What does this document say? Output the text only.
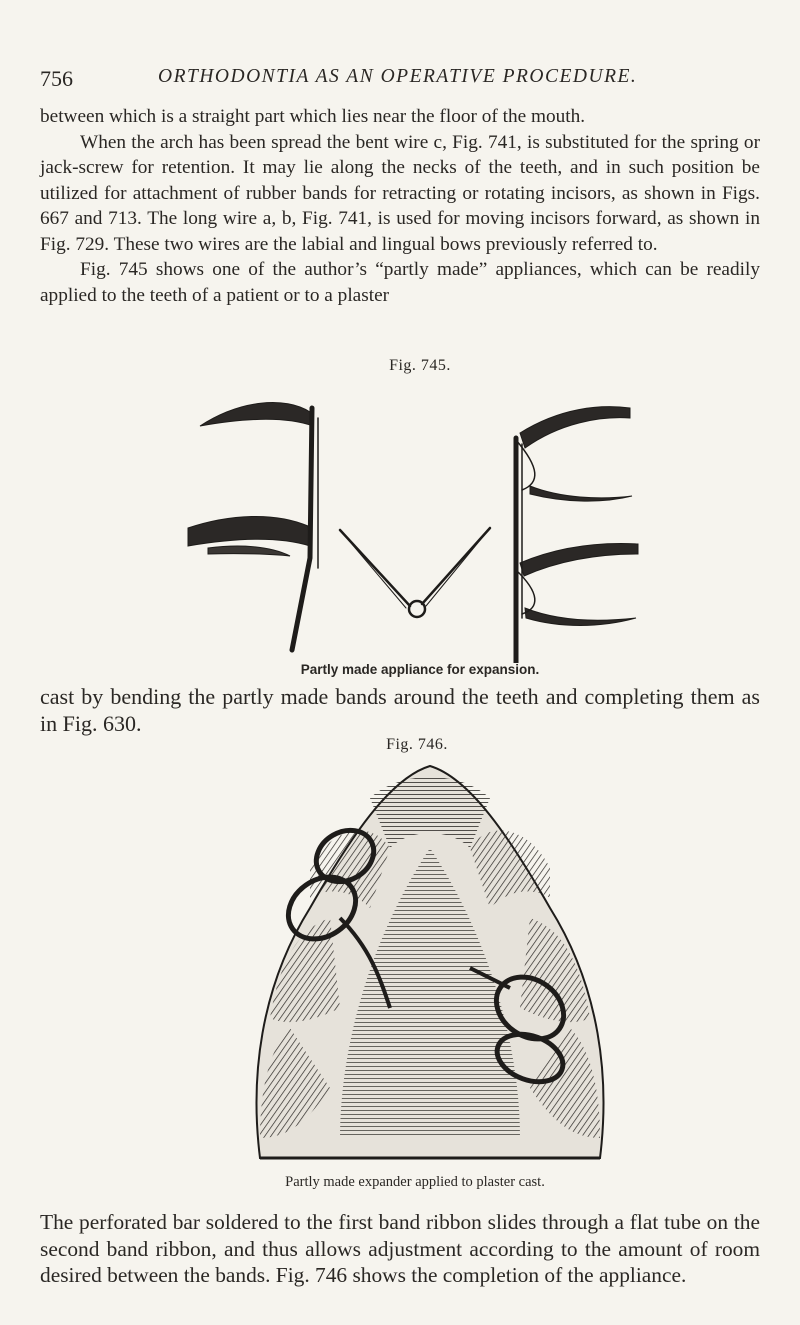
756	ORTHODONTIA AS AN OPERATIVE PROCEDURE.

between which is a straight part which lies near the floor of the mouth.

When the arch has been spread the bent wire c, Fig. 741, is substituted for the spring or jack-screw for retention. It may lie along the necks of the teeth, and in such position be utilized for attachment of rubber bands for retracting or rotating incisors, as shown in Figs. 667 and 713. The long wire a, b, Fig. 741, is used for moving incisors forward, as shown in Fig. 729. These two wires are the labial and lingual bows previously referred to.

Fig. 745 shows one of the author’s “partly made” appliances, which can be readily applied to the teeth of a patient or to a plaster

Fig. 745.
Partly made appliance for expansion.
cast by bending the partly made bands around the teeth and completing them as in Fig. 630.
Fig. 746.
Partly made expander applied to plaster cast.
The perforated bar soldered to the first band ribbon slides through a flat tube on the second band ribbon, and thus allows adjustment according to the amount of room desired between the bands. Fig. 746 shows the completion of the appliance.
